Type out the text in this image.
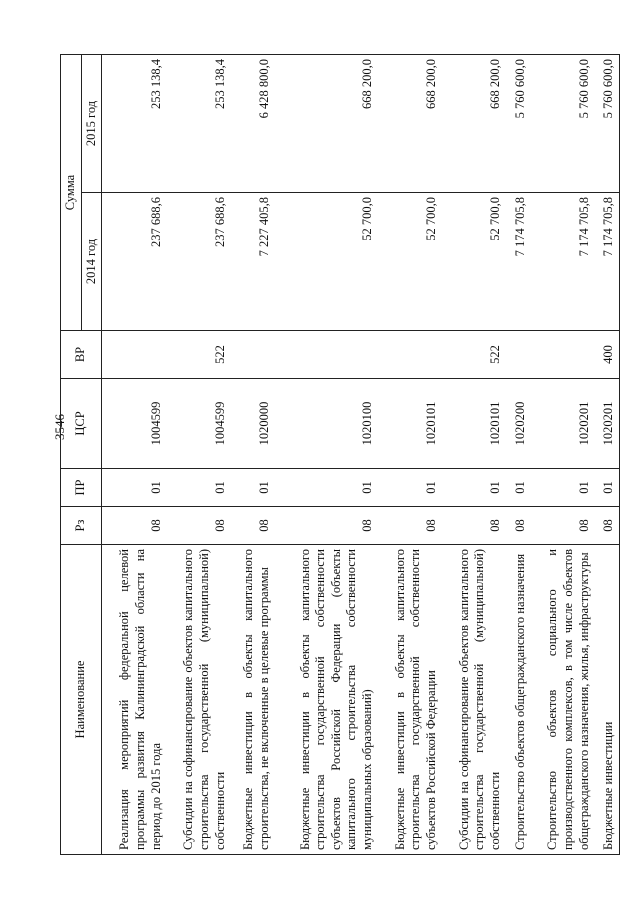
3546
Наименование	Рз	ПР	ЦСР	ВР	Сумма	
					2014 год	2015 год
Реализация мероприятий федеральной целевой программы развития Калининградской области на период до 2015 года	08	01	1004599		237 688,6	253 138,4
Субсидии на софинансирование объектов капитального строительства государственной (муниципальной) собственности	08	01	1004599	522	237 688,6	253 138,4
Бюджетные инвестиции в объекты капитального строительства, не включенные в целевые программы	08	01	1020000		7 227 405,8	6 428 800,0
Бюджетные инвестиции в объекты капитального строительства государственной собственности субъектов Российской Федерации (объекты капитального строительства собственности муниципальных образований)	08	01	1020100		52 700,0	668 200,0
Бюджетные инвестиции в объекты капитального строительства государственной собственности субъектов Российской Федерации	08	01	1020101		52 700,0	668 200,0
Субсидии на софинансирование объектов капитального строительства государственной (муниципальной) собственности	08	01	1020101	522	52 700,0	668 200,0
Строительство объектов общегражданского назначения	08	01	1020200		7 174 705,8	5 760 600,0
Строительство объектов социального и производственного комплексов, в том числе объектов общегражданского назначения, жилья, инфраструктуры	08	01	1020201		7 174 705,8	5 760 600,0
Бюджетные инвестиции	08	01	1020201	400	7 174 705,8	5 760 600,0
